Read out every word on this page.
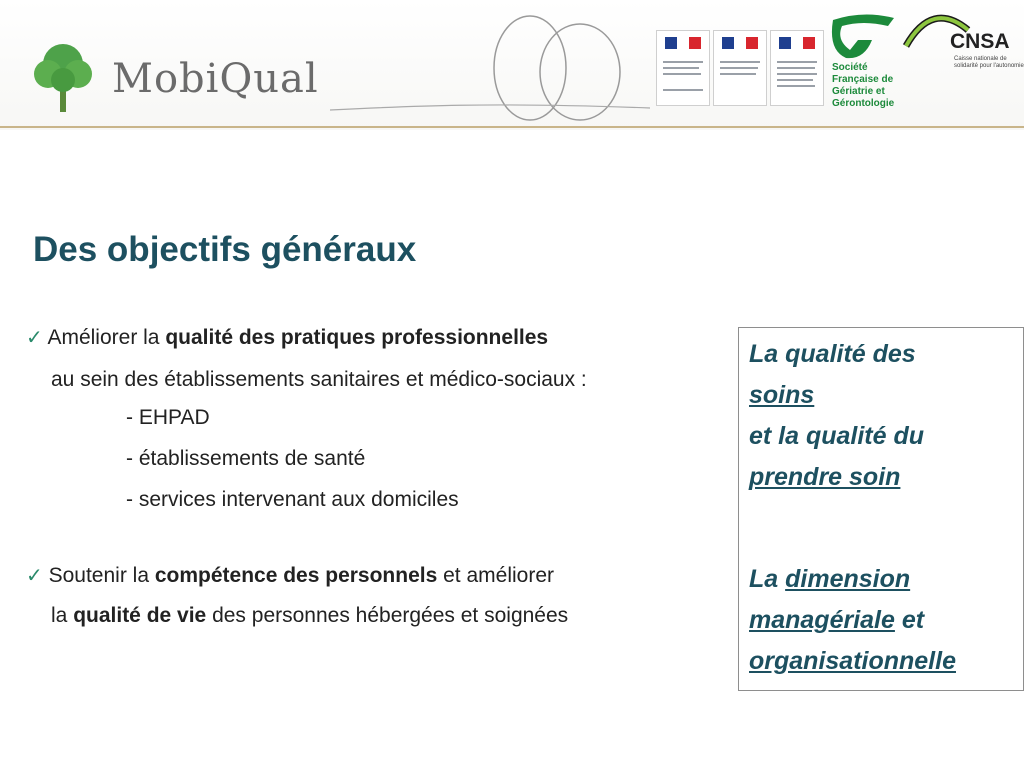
MobiQual	Société
Française de
Gériatrie et
Gérontologie
CNSA
Caisse nationale de solidarité pour l'autonomie
Des objectifs généraux
✓ Améliorer la qualité des pratiques professionnelles
au sein des établissements sanitaires et médico-sociaux :
- EHPAD
- établissements de santé
- services intervenant aux domiciles
✓ Soutenir la compétence des personnels et améliorer
la qualité de vie des personnes hébergées et soignées
La qualité des
soins
et la qualité du
prendre soin
La dimension managériale et organisationnelle
